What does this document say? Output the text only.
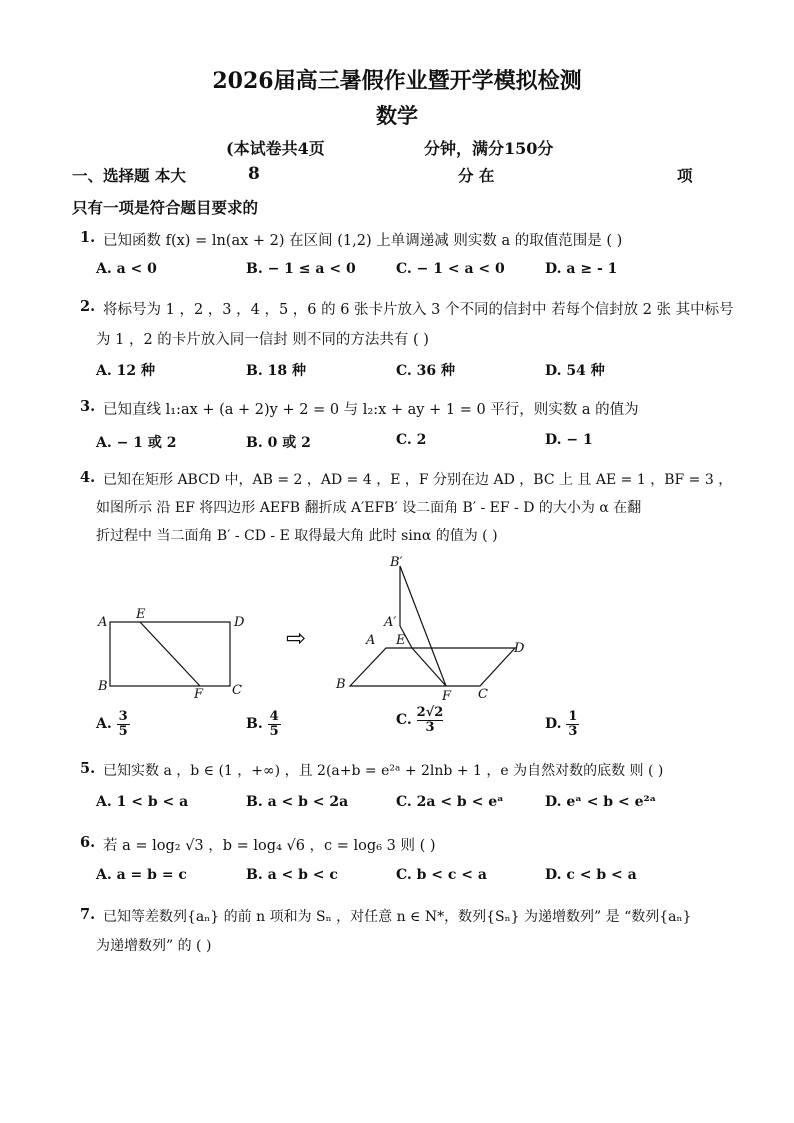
2026届高三暑假作业暨开学模拟检测
数学
(本试卷共4页	分钟，满分150分
一、选择题 本大	8	分 在	项
只有一项是符合题目要求的
1. 已知函数 f(x) = ln(ax + 2) 在区间 (1,2) 上单调递减 则实数 a 的取值范围是 ( )
A. a < 0	B. − 1 ≤ a < 0	C. − 1 < a < 0	D. a ≥ - 1
2. 将标号为 1 ，2 ，3 ，4 ，5 ，6 的 6 张卡片放入 3 个不同的信封中 若每个信封放 2 张 其中标号
为 1 ，2 的卡片放入同一信封 则不同的方法共有 ( )
A. 12 种	B. 18 种	C. 36 种	D. 54 种
3. 已知直线 l₁:ax + (a + 2)y + 2 = 0 与 l₂:x + ay + 1 = 0 平行，则实数 a 的值为
A. − 1 或 2	B. 0 或 2	C. 2	D. − 1
4. 已知在矩形 ABCD 中，AB = 2 ，AD = 4 ，E ，F 分别在边 AD ，BC 上 且 AE = 1 ，BF = 3 ，
如图所示 沿 EF 将四边形 AEFB 翻折成 A′EFB′ 设二面角 B′ - EF - D 的大小为 α 在翻
折过程中 当二面角 B′ - CD - E 取得最大角 此时 sinα 的值为 ( )
A
E
D
B
F C
⇨
B′
A′
A E
D
B
F C
A. $\frac{3}{5}$	B. $\frac{4}{5}$	C. $\frac{2√2}{3}$	D. $\frac{1}{3}$
5. 已知实数 a ，b ∈ (1 ，+∞) ，且 2(a+b = e²ᵃ + 2lnb + 1 ，e 为自然对数的底数 则 ( )
A. 1 < b < a	B. a < b < 2a	C. 2a < b < eᵃ	D. eᵃ < b < e²ᵃ
6. 若 a = log₂ √3 ，b = log₄ √6 ，c = log₆ 3 则 ( )
A. a = b = c	B. a < b < c	C. b < c < a	D. c < b < a
7. 已知等差数列{aₙ} 的前 n 项和为 Sₙ ，对任意 n ∈ N*，数列{Sₙ} 为递增数列” 是 “数列{aₙ}
为递增数列” 的 ( )
